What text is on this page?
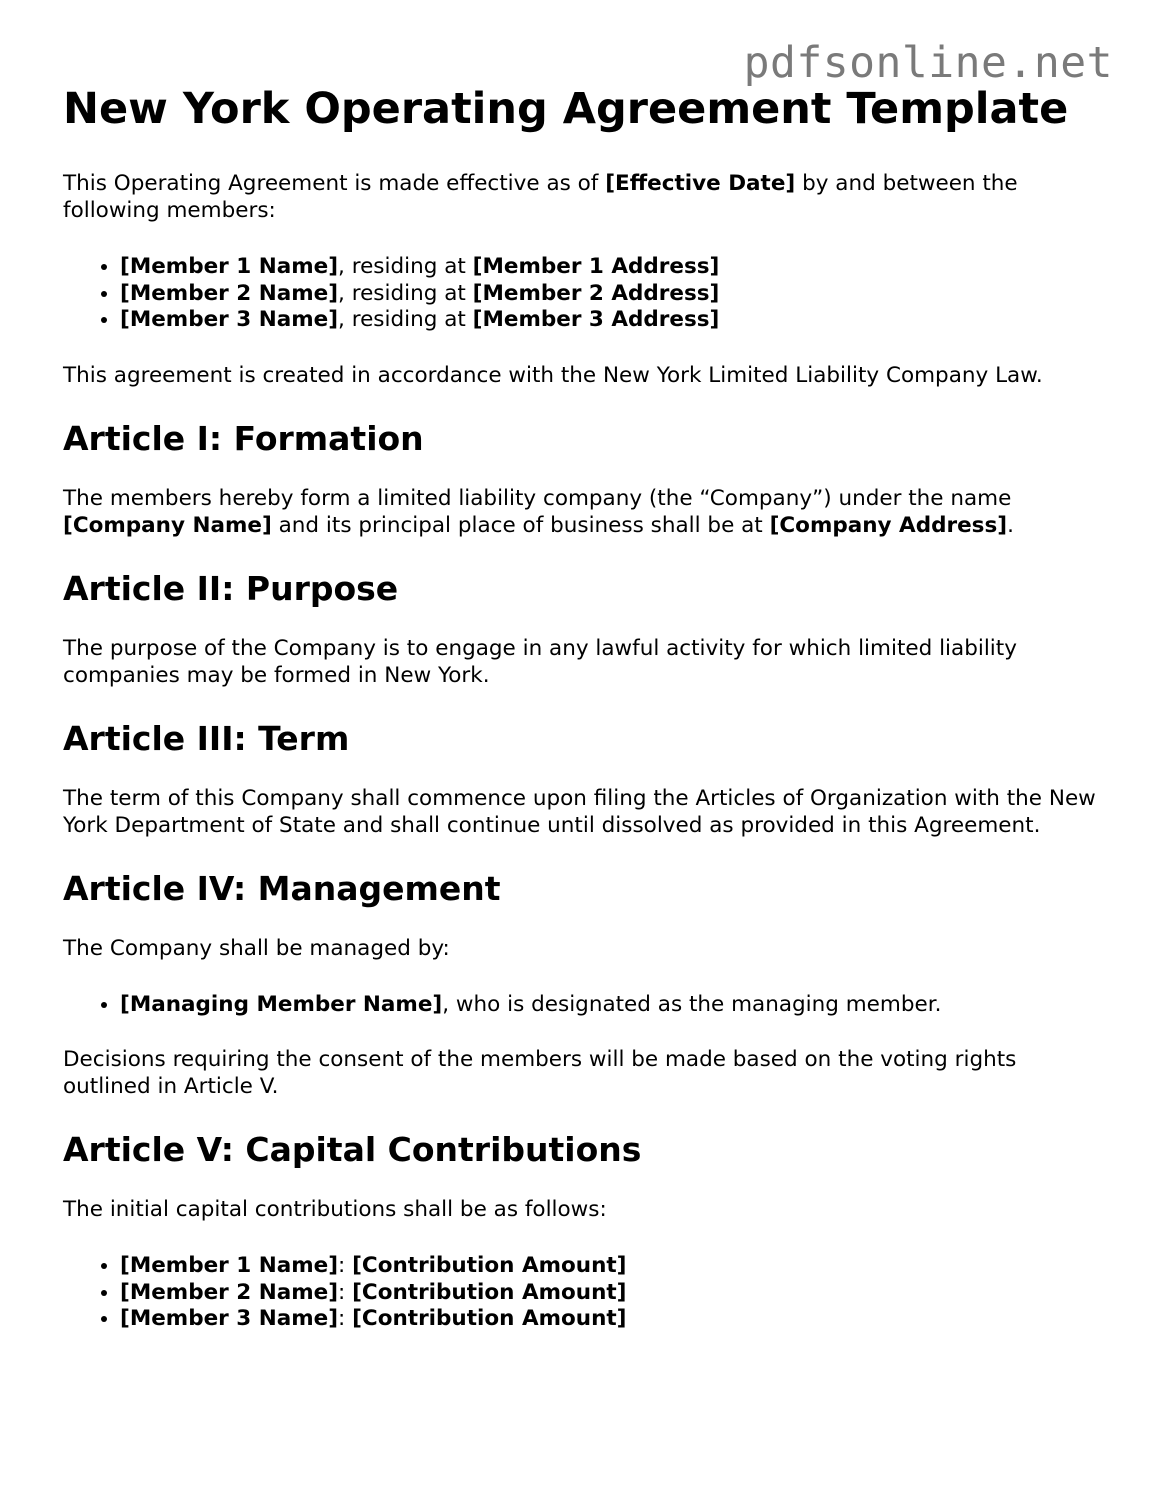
pdfsonline.net
New York Operating Agreement Template

This Operating Agreement is made effective as of [Effective Date] by and between the following members:

• [Member 1 Name], residing at [Member 1 Address]
• [Member 2 Name], residing at [Member 2 Address]
• [Member 3 Name], residing at [Member 3 Address]

This agreement is created in accordance with the New York Limited Liability Company Law.

Article I: Formation

The members hereby form a limited liability company (the “Company”) under the name [Company Name] and its principal place of business shall be at [Company Address].

Article II: Purpose

The purpose of the Company is to engage in any lawful activity for which limited liability companies may be formed in New York.

Article III: Term

The term of this Company shall commence upon filing the Articles of Organization with the New York Department of State and shall continue until dissolved as provided in this Agreement.

Article IV: Management

The Company shall be managed by:

• [Managing Member Name], who is designated as the managing member.

Decisions requiring the consent of the members will be made based on the voting rights outlined in Article V.

Article V: Capital Contributions

The initial capital contributions shall be as follows:

• [Member 1 Name]: [Contribution Amount]
• [Member 2 Name]: [Contribution Amount]
• [Member 3 Name]: [Contribution Amount]
